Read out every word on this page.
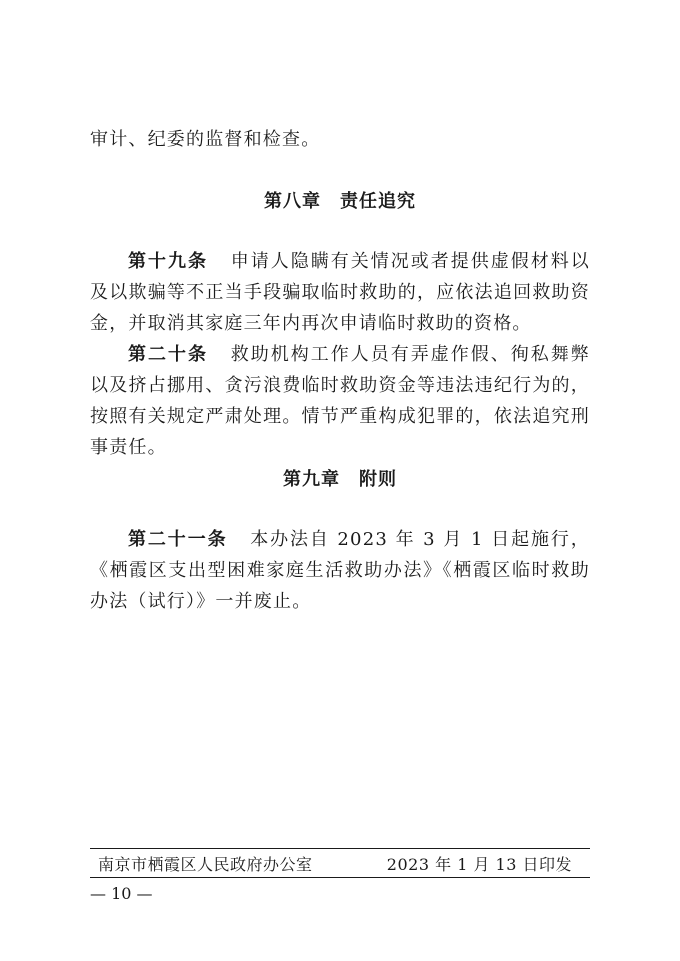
审计、纪委的监督和检查。

第八章　责任追究

第十九条 申请人隐瞒有关情况或者提供虚假材料以及以欺骗等不正当手段骗取临时救助的，应依法追回救助资金，并取消其家庭三年内再次申请临时救助的资格。

第二十条 救助机构工作人员有弄虚作假、徇私舞弊以及挤占挪用、贪污浪费临时救助资金等违法违纪行为的，按照有关规定严肃处理。情节严重构成犯罪的，依法追究刑事责任。

第九章　附则

第二十一条 本办法自 2023 年 3 月 1 日起施行，《栖霞区支出型困难家庭生活救助办法》《栖霞区临时救助办法（试行）》一并废止。

南京市栖霞区人民政府办公室	2023 年 1 月 13 日印发
— 10 —
